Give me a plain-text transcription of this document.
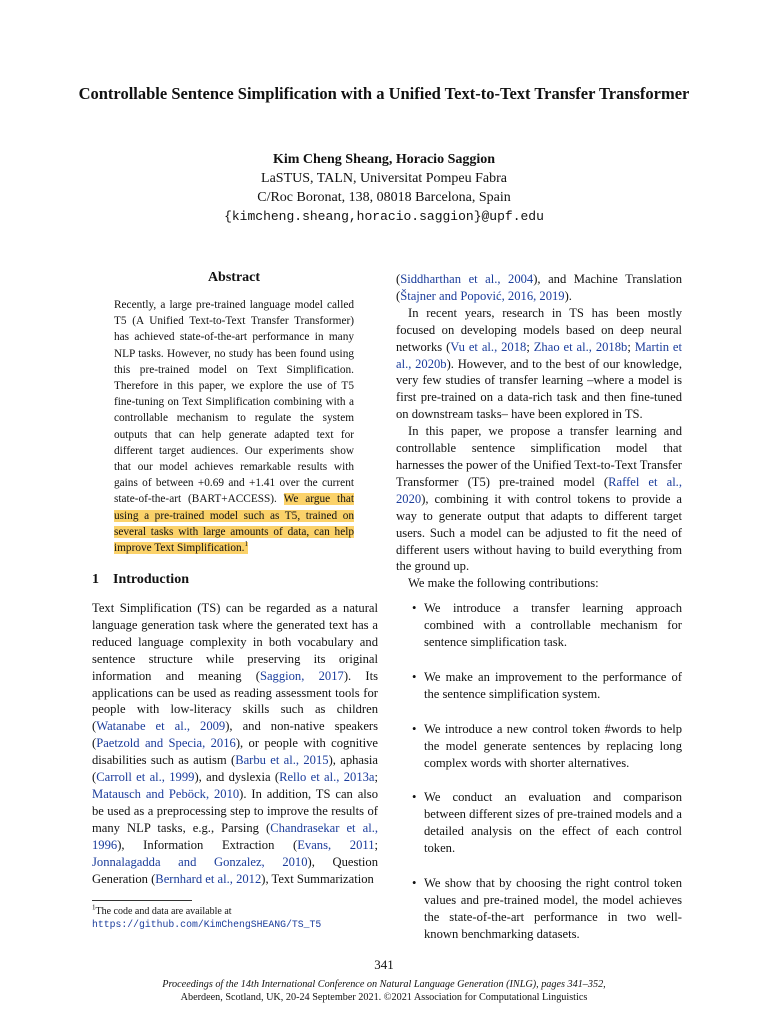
Controllable Sentence Simplification with a Unified Text-to-Text Transfer Transformer
Kim Cheng Sheang, Horacio Saggion
LaSTUS, TALN, Universitat Pompeu Fabra
C/Roc Boronat, 138, 08018 Barcelona, Spain
{kimcheng.sheang,horacio.saggion}@upf.edu
Abstract
Recently, a large pre-trained language model called T5 (A Unified Text-to-Text Transfer Transformer) has achieved state-of-the-art performance in many NLP tasks. However, no study has been found using this pre-trained model on Text Simplification. Therefore in this paper, we explore the use of T5 fine-tuning on Text Simplification combining with a controllable mechanism to regulate the system outputs that can help generate adapted text for different target audiences. Our experiments show that our model achieves remarkable results with gains of between +0.69 and +1.41 over the current state-of-the-art (BART+ACCESS). We argue that using a pre-trained model such as T5, trained on several tasks with large amounts of data, can help improve Text Simplification.$^1$
1 Introduction

Text Simplification (TS) can be regarded as a natural language generation task where the generated text has a reduced language complexity in both vocabulary and sentence structure while preserving its original information and meaning (Saggion, 2017). Its applications can be used as reading assessment tools for people with low-literacy skills such as children (Watanabe et al., 2009), and non-native speakers (Paetzold and Specia, 2016), or people with cognitive disabilities such as autism (Barbu et al., 2015), aphasia (Carroll et al., 1999), and dyslexia (Rello et al., 2013a; Matausch and Peböck, 2010). In addition, TS can also be used as a preprocessing step to improve the results of many NLP tasks, e.g., Parsing (Chandrasekar et al., 1996), Information Extraction (Evans, 2011; Jonnalagadda and Gonzalez, 2010), Question Generation (Bernhard et al., 2012), Text Summarization

$^1$The code and data are available at https://github.com/KimChengSHEANG/TS_T5

(Siddharthan et al., 2004), and Machine Translation (Štajner and Popović, 2016, 2019).

In recent years, research in TS has been mostly focused on developing models based on deep neural networks (Vu et al., 2018; Zhao et al., 2018b; Martin et al., 2020b). However, and to the best of our knowledge, very few studies of transfer learning –where a model is first pre-trained on a data-rich task and then fine-tuned on downstream tasks– have been explored in TS.

In this paper, we propose a transfer learning and controllable sentence simplification model that harnesses the power of the Unified Text-to-Text Transfer Transformer (T5) pre-trained model (Raffel et al., 2020), combining it with control tokens to provide a way to generate output that adapts to different target users. Such a model can be adjusted to fit the need of different users without having to build everything from the ground up.

We make the following contributions:

• We introduce a transfer learning approach combined with a controllable mechanism for sentence simplification task.
• We make an improvement to the performance of the sentence simplification system.
• We introduce a new control token #words to help the model generate sentences by replacing long complex words with shorter alternatives.
• We conduct an evaluation and comparison between different sizes of pre-trained models and a detailed analysis on the effect of each control token.
• We show that by choosing the right control token values and pre-trained model, the model achieves the state-of-the-art performance in two well-known benchmarking datasets.
341
Proceedings of the 14th International Conference on Natural Language Generation (INLG), pages 341–352,
Aberdeen, Scotland, UK, 20-24 September 2021. ©2021 Association for Computational Linguistics
